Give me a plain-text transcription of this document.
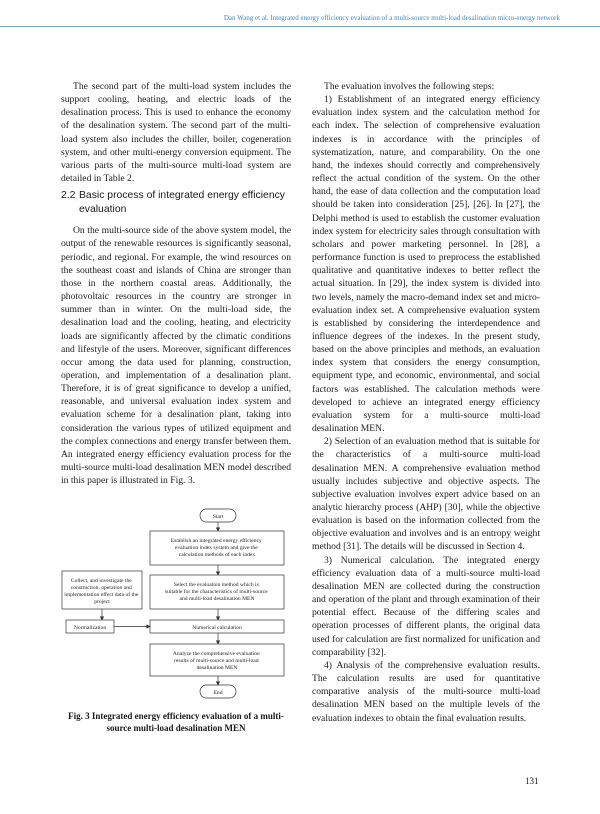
Dan Wang et al. Integrated energy efficiency evaluation of a multi-source multi-load desalination micro-energy network

The second part of the multi-load system includes the support cooling, heating, and electric loads of the desalination process. This is used to enhance the economy of the desalination system. The second part of the multi-load system also includes the chiller, boiler, cogeneration system, and other multi-energy conversion equipment. The various parts of the multi-source multi-load system are detailed in Table 2.

2.2 Basic process of integrated energy efficiency evaluation

On the multi-source side of the above system model, the output of the renewable resources is significantly seasonal, periodic, and regional. For example, the wind resources on the southeast coast and islands of China are stronger than those in the northern coastal areas. Additionally, the photovoltaic resources in the country are stronger in summer than in winter. On the multi-load side, the desalination load and the cooling, heating, and electricity loads are significantly affected by the climatic conditions and lifestyle of the users. Moreover, significant differences occur among the data used for planning, construction, operation, and implementation of a desalination plant. Therefore, it is of great significance to develop a unified, reasonable, and universal evaluation index system and evaluation scheme for a desalination plant, taking into consideration the various types of utilized equipment and the complex connections and energy transfer between them. An integrated energy efficiency evaluation process for the multi-source multi-load desalination MEN model described in this paper is illustrated in Fig. 3.

Start
Establish an integrated energy efficiency evaluation index system and give the calculation methods of each index
Collect, and investigate the construction, operation and implementation effect data of the project
Select the evaluation method which is suitable for the characteristics of multi-source and multi-load desalination MEN
Normalization	Numerical calculation
Analyze the comprehensive evaluation results of multi-source and multi-load desalination MEN
End
Fig. 3 Integrated energy efficiency evaluation of a multi-source multi-load desalination MEN

The evaluation involves the following steps:

1) Establishment of an integrated energy efficiency evaluation index system and the calculation method for each index. The selection of comprehensive evaluation indexes is in accordance with the principles of systematization, nature, and comparability. On the one hand, the indexes should correctly and comprehensively reflect the actual condition of the system. On the other hand, the ease of data collection and the computation load should be taken into consideration [25], [26]. In [27], the Delphi method is used to establish the customer evaluation index system for electricity sales through consultation with scholars and power marketing personnel. In [28], a performance function is used to preprocess the established qualitative and quantitative indexes to better reflect the actual situation. In [29], the index system is divided into two levels, namely the macro-demand index set and micro-evaluation index set. A comprehensive evaluation system is established by considering the interdependence and influence degrees of the indexes. In the present study, based on the above principles and methods, an evaluation index system that considers the energy consumption, equipment type, and economic, environmental, and social factors was established. The calculation methods were developed to achieve an integrated energy efficiency evaluation system for a multi-source multi-load desalination MEN.

2) Selection of an evaluation method that is suitable for the characteristics of a multi-source multi-load desalination MEN. A comprehensive evaluation method usually includes subjective and objective aspects. The subjective evaluation involves expert advice based on an analytic hierarchy process (AHP) [30], while the objective evaluation is based on the information collected from the objective evaluation and involves and is an entropy weight method [31]. The details will be discussed in Section 4.

3) Numerical calculation. The integrated energy efficiency evaluation data of a multi-source multi-load desalination MEN are collected during the construction and operation of the plant and through examination of their potential effect. Because of the differing scales and operation processes of different plants, the original data used for calculation are first normalized for unification and comparability [32].

4) Analysis of the comprehensive evaluation results. The calculation results are used for quantitative comparative analysis of the multi-source multi-load desalination MEN based on the multiple levels of the evaluation indexes to obtain the final evaluation results.

131
